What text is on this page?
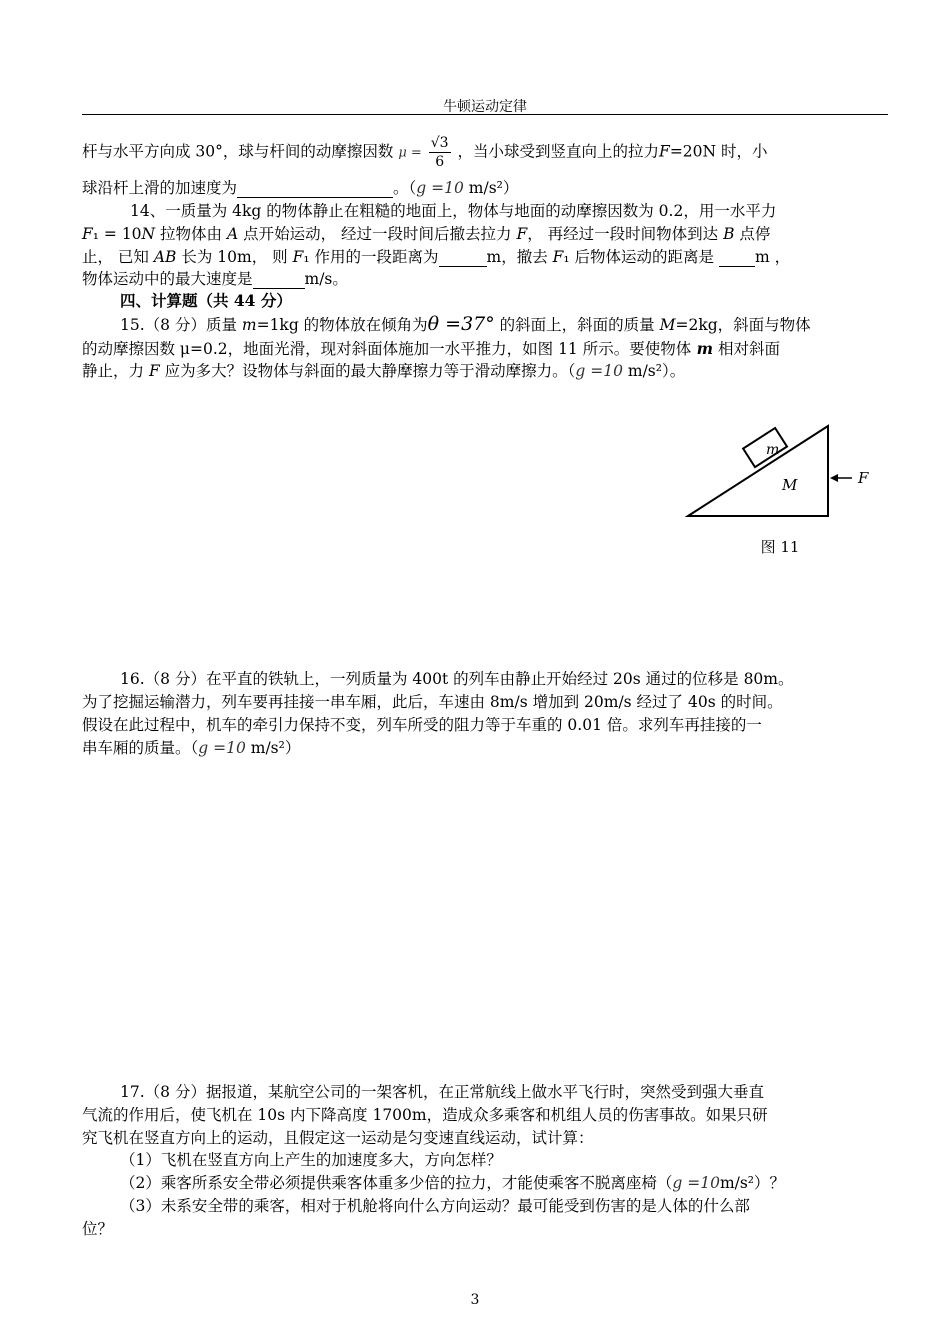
牛顿运动定律
杆与水平方向成 30°，球与杆间的动摩擦因数 $\mu = \frac{√3}{6}$ ，当小球受到竖直向上的拉力F=20N 时，小
球沿杆上滑的加速度为	。（g =10 m/s²）
14、一质量为 4kg 的物体静止在粗糙的地面上，物体与地面的动摩擦因数为 0.2，用一水平力
F₁ = 10N 拉物体由 A 点开始运动， 经过一段时间后撤去拉力 F， 再经过一段时间物体到达 B 点停
止， 已知 AB 长为 10m， 则 F₁ 作用的一段距离为	m，撤去 F₁ 后物体运动的距离是  m ，
物体运动中的最大速度是	m/s。
四、计算题（共 44 分）
15.（8 分）质量 m=1kg 的物体放在倾角为θ =37° 的斜面上，斜面的质量 M=2kg，斜面与物体
的动摩擦因数 μ=0.2，地面光滑，现对斜面体施加一水平推力，如图 11 所示。要使物体 m 相对斜面
静止，力 F 应为多大？设物体与斜面的最大静摩擦力等于滑动摩擦力。（g =10 m/s²）。
m
M	F
图 11
16.（8 分）在平直的铁轨上，一列质量为 400t 的列车由静止开始经过 20s 通过的位移是 80m。
为了挖掘运输潜力，列车要再挂接一串车厢，此后，车速由 8m/s 增加到 20m/s 经过了 40s 的时间。
假设在此过程中，机车的牵引力保持不变，列车所受的阻力等于车重的 0.01 倍。求列车再挂接的一
串车厢的质量。（g =10 m/s²）
17.（8 分）据报道，某航空公司的一架客机，在正常航线上做水平飞行时，突然受到强大垂直
气流的作用后，使飞机在 10s 内下降高度 1700m，造成众多乘客和机组人员的伤害事故。如果只研
究飞机在竖直方向上的运动，且假定这一运动是匀变速直线运动，试计算：
（1）飞机在竖直方向上产生的加速度多大，方向怎样？
（2）乘客所系安全带必须提供乘客体重多少倍的拉力，才能使乘客不脱离座椅（g =10m/s²）？
（3）未系安全带的乘客，相对于机舱将向什么方向运动？最可能受到伤害的是人体的什么部
位？
3
